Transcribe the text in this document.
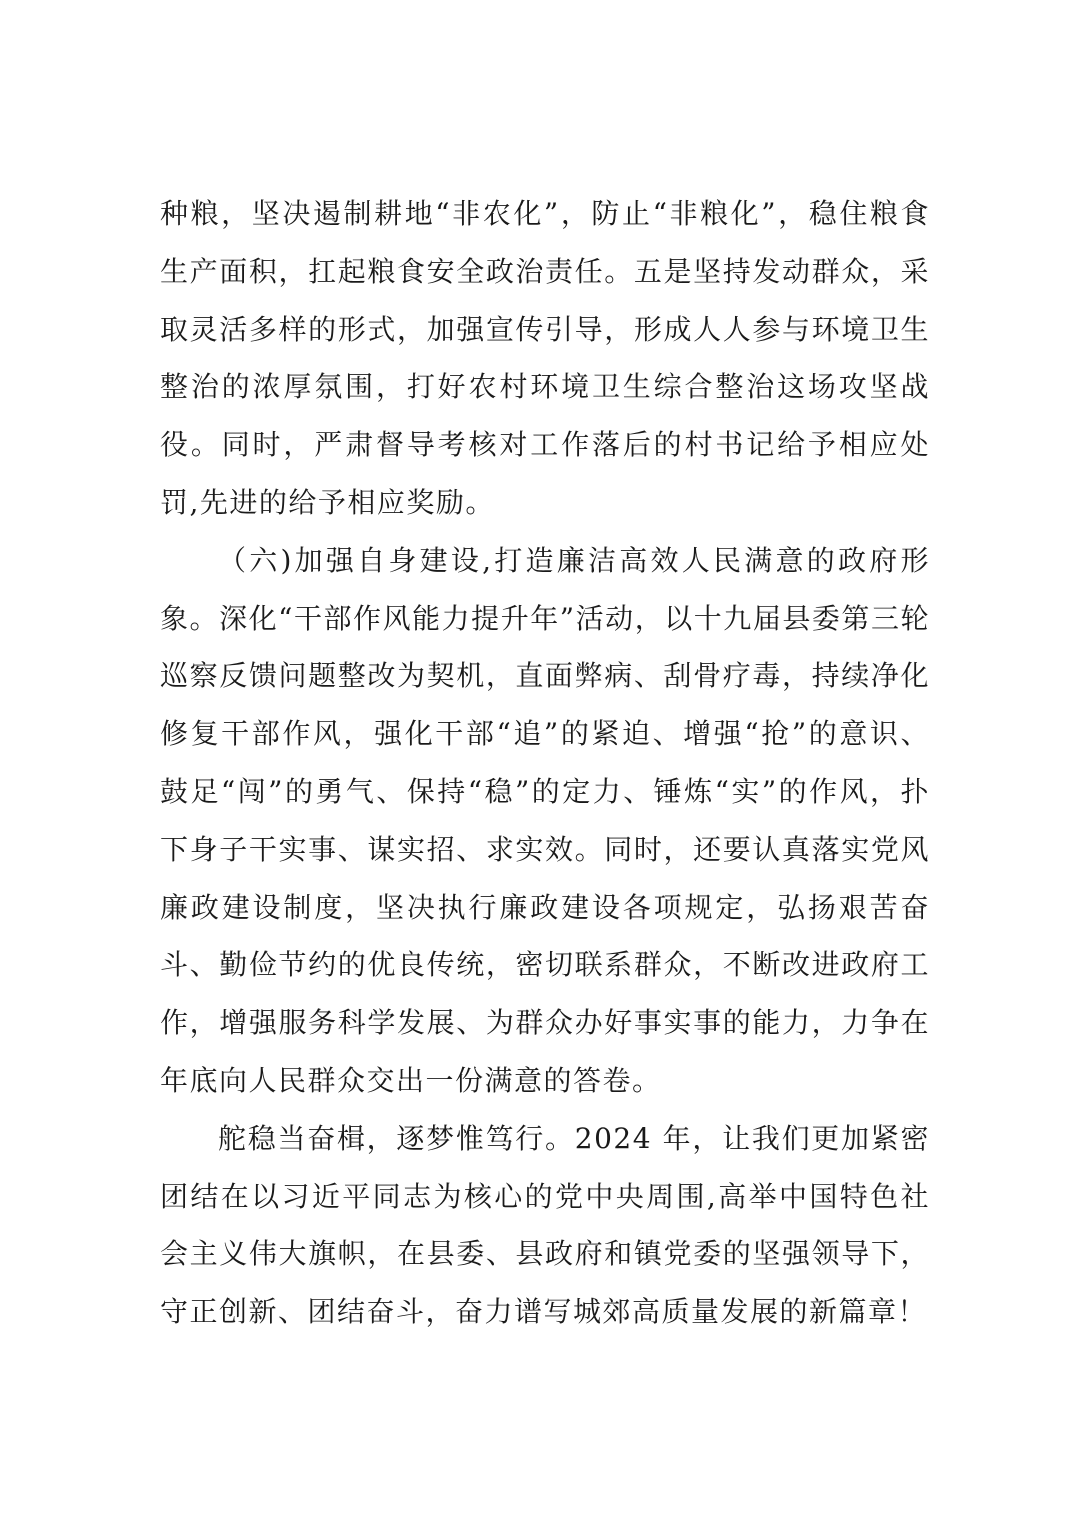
种粮，坚决遏制耕地“非农化”，防止“非粮化”，稳住粮食生产面积，扛起粮食安全政治责任。五是坚持发动群众，采取灵活多样的形式，加强宣传引导，形成人人参与环境卫生整治的浓厚氛围，打好农村环境卫生综合整治这场攻坚战役。同时，严肃督导考核对工作落后的村书记给予相应处罚,先进的给予相应奖励。

（六)加强自身建设,打造廉洁高效人民满意的政府形象。深化“干部作风能力提升年”活动，以十九届县委第三轮巡察反馈问题整改为契机，直面弊病、刮骨疗毒，持续净化修复干部作风，强化干部“追”的紧迫、增强“抢”的意识、鼓足“闯”的勇气、保持“稳”的定力、锤炼“实”的作风，扑下身子干实事、谋实招、求实效。同时，还要认真落实党风廉政建设制度，坚决执行廉政建设各项规定，弘扬艰苦奋斗、勤俭节约的优良传统，密切联系群众，不断改进政府工作，增强服务科学发展、为群众办好事实事的能力，力争在年底向人民群众交出一份满意的答卷。

舵稳当奋楫，逐梦惟笃行。2024 年，让我们更加紧密团结在以习近平同志为核心的党中央周围,高举中国特色社会主义伟大旗帜，在县委、县政府和镇党委的坚强领导下，守正创新、团结奋斗，奋力谱写城郊高质量发展的新篇章！
